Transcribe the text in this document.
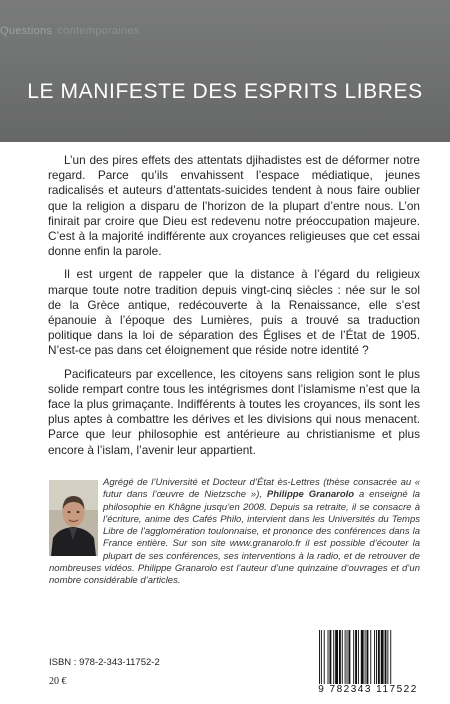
Questions contemporaines
LE MANIFESTE DES ESPRITS LIBRES

L’un des pires effets des attentats djihadistes est de déformer notre regard. Parce qu’ils envahissent l’espace médiatique, jeunes radicalisés et auteurs d’attentats-suicides tendent à nous faire oublier que la religion a disparu de l’horizon de la plupart d’entre nous. L’on finirait par croire que Dieu est redevenu notre préoccupation majeure. C’est à la majorité indifférente aux croyances religieuses que cet essai donne enfin la parole.

Il est urgent de rappeler que la distance à l’égard du religieux marque toute notre tradition depuis vingt-cinq siècles : née sur le sol de la Grèce antique, redécouverte à la Renaissance, elle s’est épanouie à l’époque des Lumières, puis a trouvé sa traduction politique dans la loi de séparation des Églises et de l’État de 1905. N’est-ce pas dans cet éloignement que réside notre identité ?

Pacificateurs par excellence, les citoyens sans religion sont le plus solide rempart contre tous les intégrismes dont l’islamisme n’est que la face la plus grimaçante. Indifférents à toutes les croyances, ils sont les plus aptes à combattre les dérives et les divisions qui nous menacent. Parce que leur philosophie est antérieure au christianisme et plus encore à l’islam, l’avenir leur appartient.

Agrégé de l’Université et Docteur d’État ès-Lettres (thèse consacrée au « futur dans l’œuvre de Nietzsche »), Philippe Granarolo a enseigné la philosophie en Khâgne jusqu’en 2008. Depuis sa retraite, il se consacre à l’écriture, anime des Cafés Philo, intervient dans les Universités du Temps Libre de l’agglomération toulonnaise, et prononce des conférences dans la France entière. Sur son site www.granarolo.fr il est possible d’écouter la plupart de ses conférences, ses interventions à la radio, et de retrouver de nombreuses vidéos. Philippe Granarolo est l’auteur d’une quinzaine d’ouvrages et d’un nombre considérable d’articles.
ISBN : 978-2-343-11752-2
20 €
9 782343 117522
